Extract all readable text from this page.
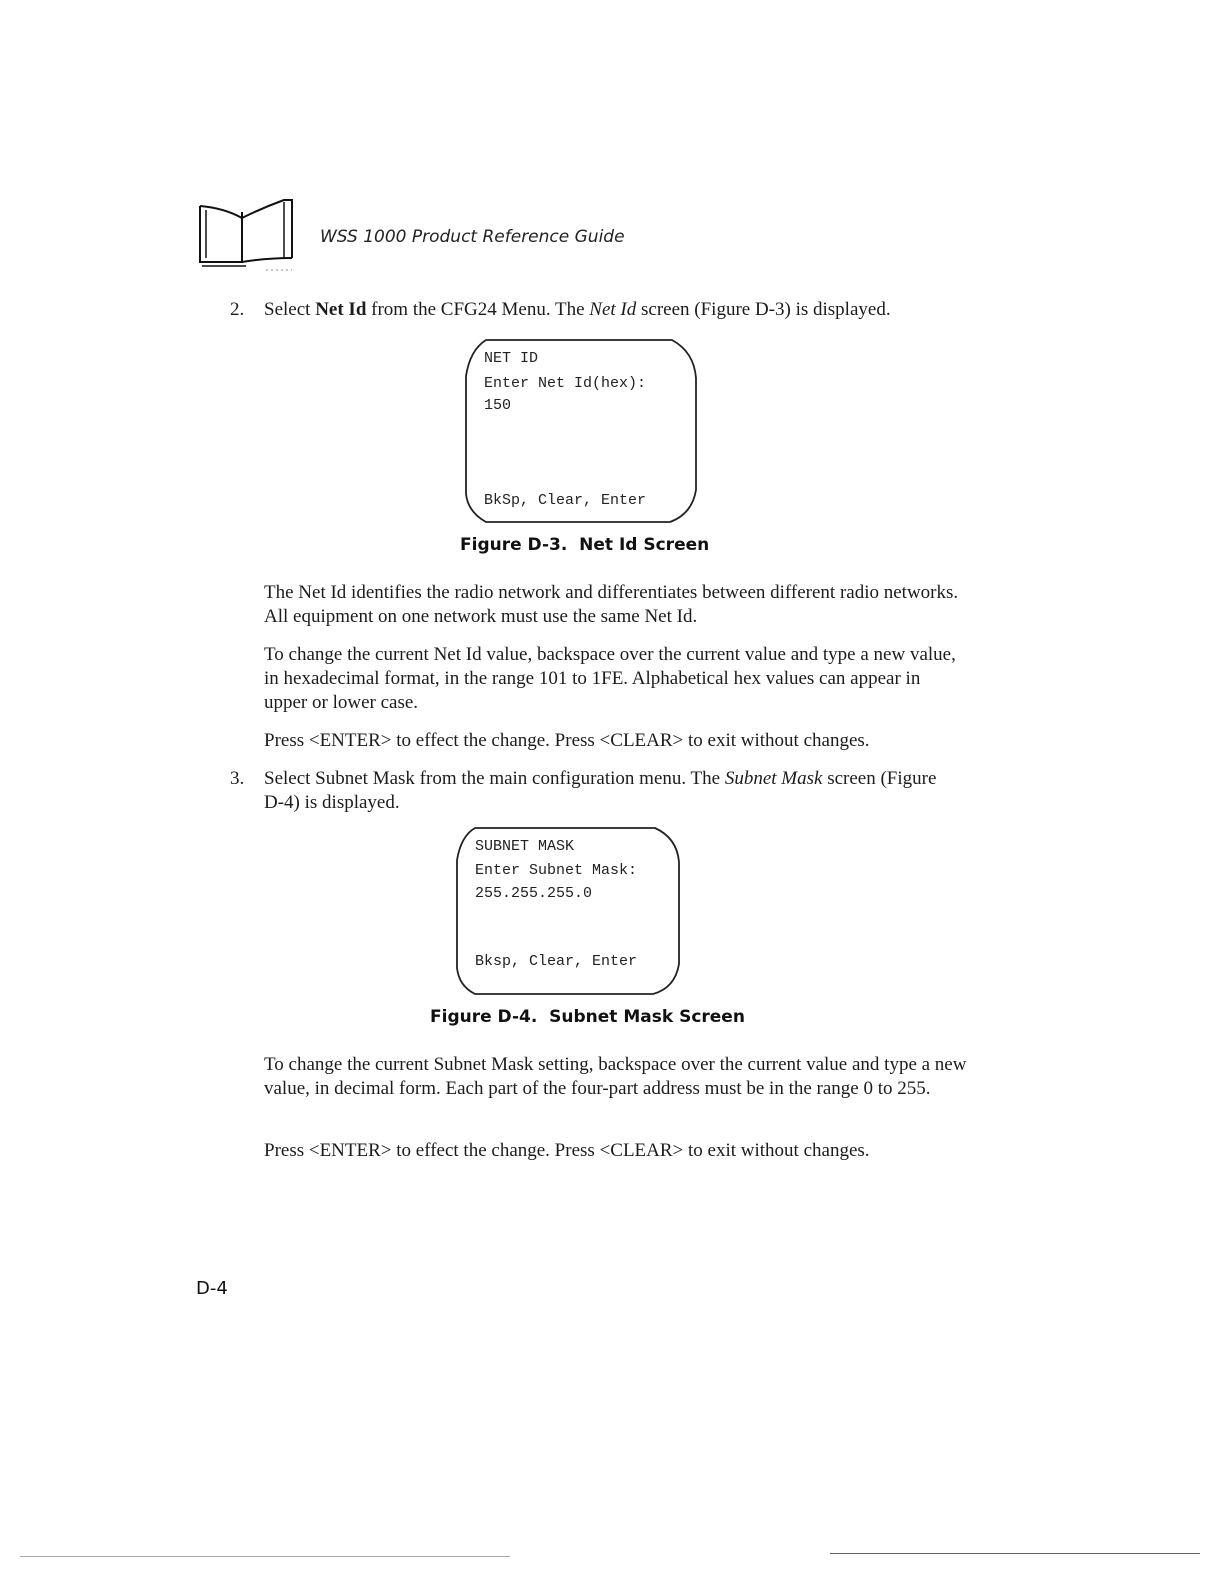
WSS 1000 Product Reference Guide
2. Select Net Id from the CFG24 Menu. The Net Id screen (Figure D-3) is displayed.
NET ID
Enter Net Id(hex):
150
BkSp, Clear, Enter
Figure D-3.  Net Id Screen
The Net Id identifies the radio network and differentiates between different radio networks. All equipment on one network must use the same Net Id.
To change the current Net Id value, backspace over the current value and type a new value, in hexadecimal format, in the range 101 to 1FE. Alphabetical hex values can appear in upper or lower case.
Press <ENTER> to effect the change. Press <CLEAR> to exit without changes.
3. Select Subnet Mask from the main configuration menu. The Subnet Mask screen (Figure D-4) is displayed.
SUBNET MASK
Enter Subnet Mask:
255.255.255.0
Bksp, Clear, Enter
Figure D-4.  Subnet Mask Screen
To change the current Subnet Mask setting, backspace over the current value and type a new value, in decimal form. Each part of the four-part address must be in the range 0 to 255.
Press <ENTER> to effect the change. Press <CLEAR> to exit without changes.
D-4
